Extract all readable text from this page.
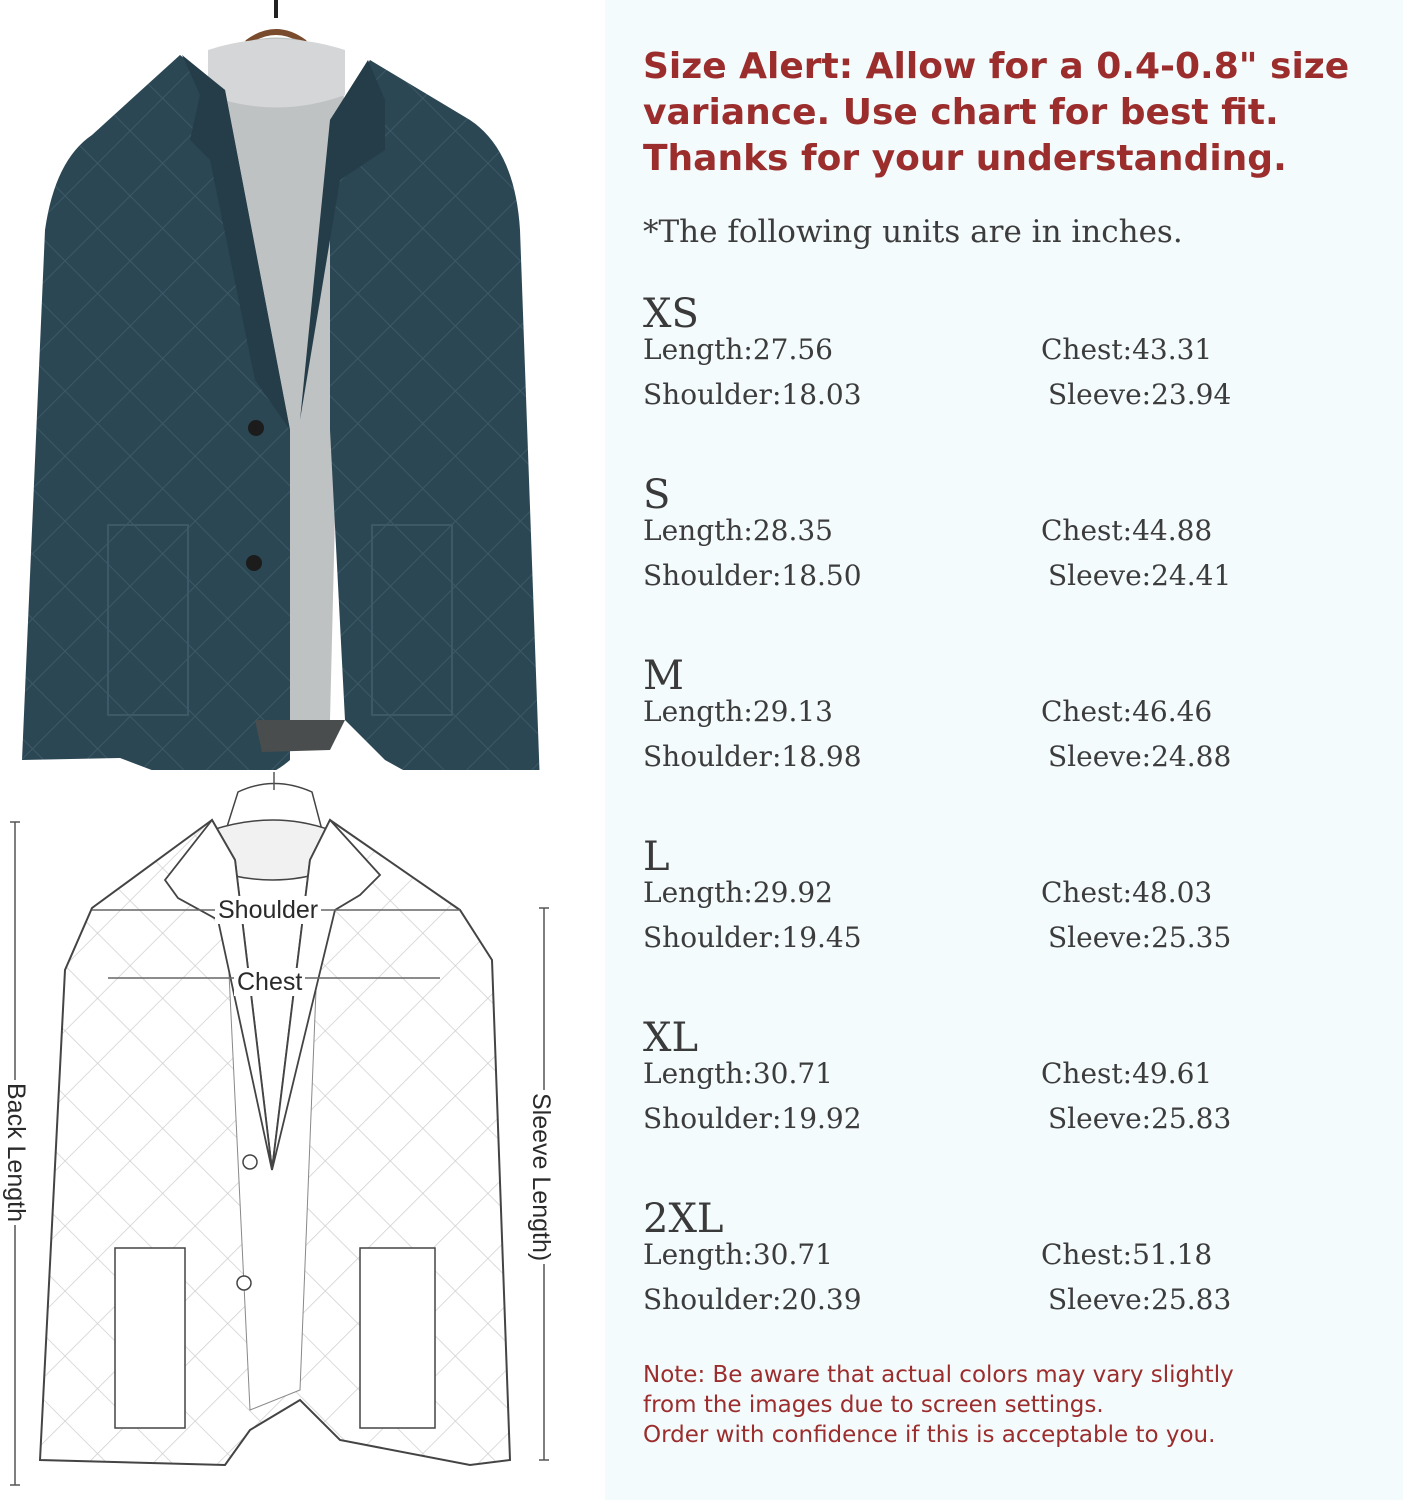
Shoulder
Chest
Back Length	Sleeve Length)
Size Alert: Allow for a 0.4-0.8" size
variance. Use chart for best fit.
Thanks for your understanding.
*The following units are in inches.
XS
Length:27.56	Chest:43.31
Shoulder:18.03	Sleeve:23.94
S
Length:28.35	Chest:44.88
Shoulder:18.50	Sleeve:24.41
M
Length:29.13	Chest:46.46
Shoulder:18.98	Sleeve:24.88
L
Length:29.92	Chest:48.03
Shoulder:19.45	Sleeve:25.35
XL
Length:30.71	Chest:49.61
Shoulder:19.92	Sleeve:25.83
2XL
Length:30.71	Chest:51.18
Shoulder:20.39	Sleeve:25.83
Note: Be aware that actual colors may vary slightly
from the images due to screen settings.
Order with confidence if this is acceptable to you.
